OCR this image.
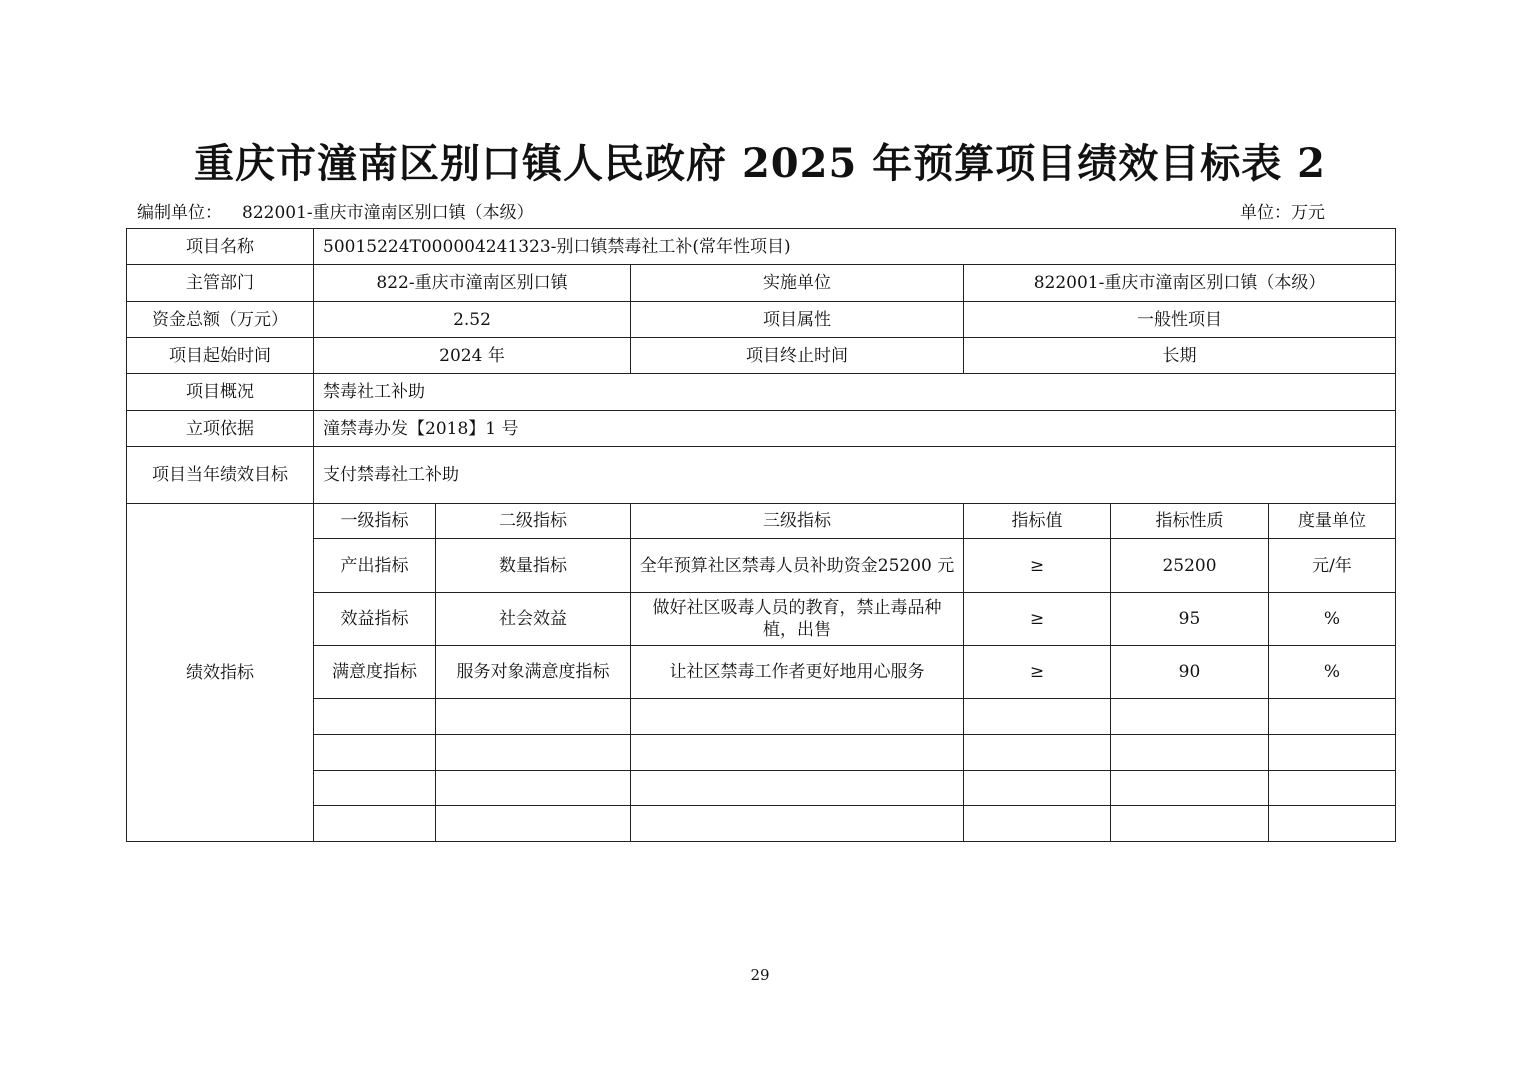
重庆市潼南区别口镇人民政府 2025 年预算项目绩效目标表 2
编制单位： 822001-重庆市潼南区别口镇（本级）	单位：万元
项目名称	50015224T000004241323-别口镇禁毒社工补(常年性项目)					
主管部门	822-重庆市潼南区别口镇		实施单位	822001-重庆市潼南区别口镇（本级）		
资金总额（万元）	2.52		项目属性	一般性项目		
项目起始时间	2024 年		项目终止时间	长期		
项目概况	禁毒社工补助					
立项依据	潼禁毒办发【2018】1 号					
项目当年绩效目标	支付禁毒社工补助					
绩效指标	一级指标	二级指标	三级指标	指标值	指标性质	度量单位
	产出指标	数量指标	全年预算社区禁毒人员补助资金25200 元	≥	25200	元/年
	效益指标	社会效益	做好社区吸毒人员的教育，禁止毒品种植，出售	≥	95	%
	满意度指标	服务对象满意度指标	让社区禁毒工作者更好地用心服务	≥	90	%

29
